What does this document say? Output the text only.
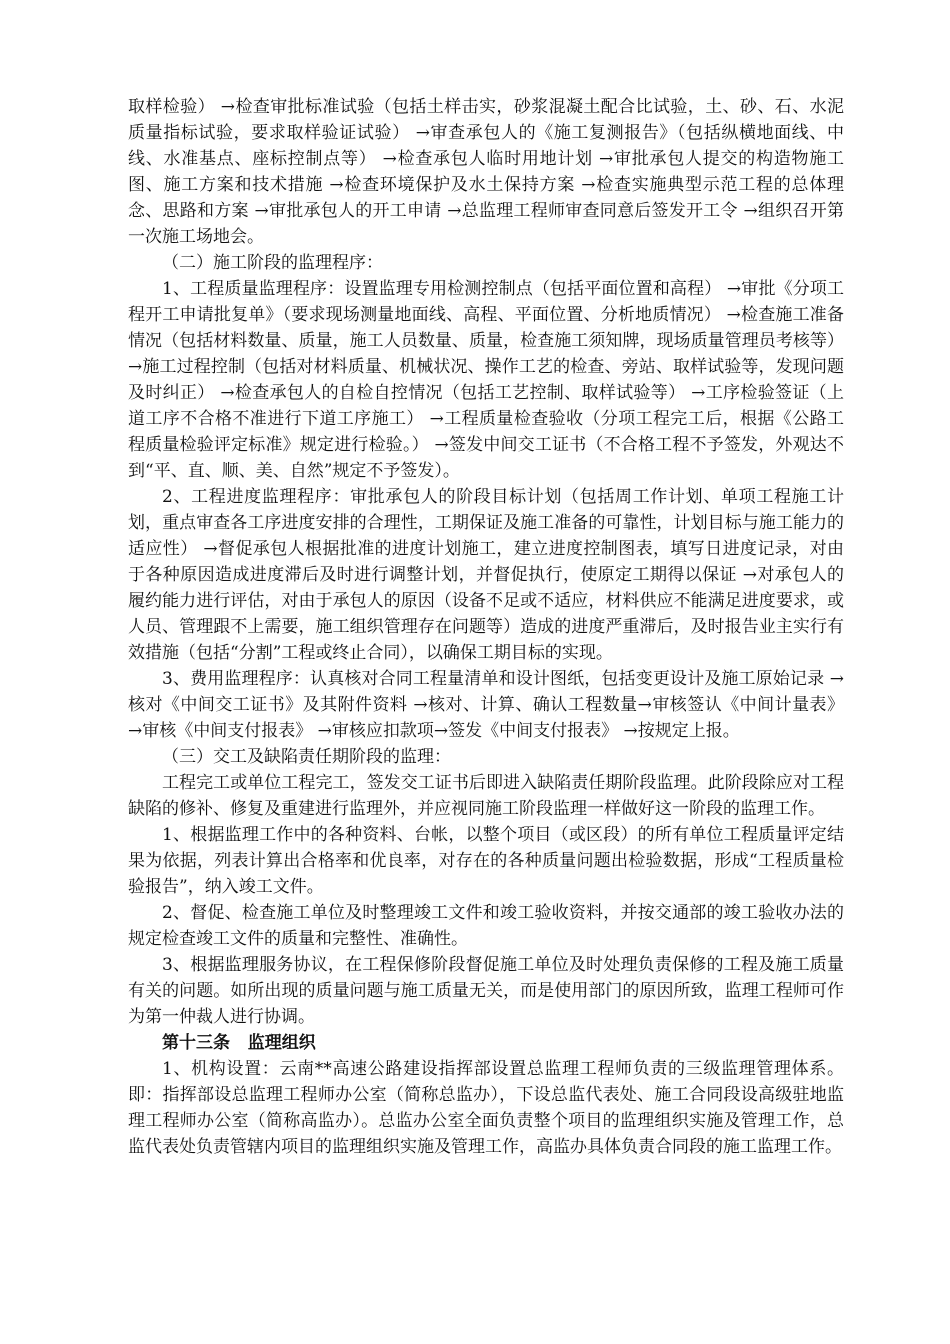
取样检验） →检查审批标准试验（包括土样击实，砂浆混凝土配合比试验，土、砂、石、水泥质量指标试验，要求取样验证试验） →审查承包人的《施工复测报告》（包括纵横地面线、中线、水准基点、座标控制点等） →检查承包人临时用地计划 →审批承包人提交的构造物施工图、施工方案和技术措施 →检查环境保护及水土保持方案 →检查实施典型示范工程的总体理念、思路和方案 →审批承包人的开工申请 →总监理工程师审查同意后签发开工令 →组织召开第一次施工场地会。

（二）施工阶段的监理程序：

1、工程质量监理程序：设置监理专用检测控制点（包括平面位置和高程） →审批《分项工程开工申请批复单》（要求现场测量地面线、高程、平面位置、分析地质情况） →检查施工准备情况（包括材料数量、质量，施工人员数量、质量，检查施工须知牌，现场质量管理员考核等） →施工过程控制（包括对材料质量、机械状况、操作工艺的检查、旁站、取样试验等，发现问题及时纠正） →检查承包人的自检自控情况（包括工艺控制、取样试验等） →工序检验签证（上道工序不合格不准进行下道工序施工） →工程质量检查验收（分项工程完工后，根据《公路工程质量检验评定标准》规定进行检验。） →签发中间交工证书（不合格工程不予签发，外观达不到“平、直、顺、美、自然”规定不予签发）。

2、工程进度监理程序：审批承包人的阶段目标计划（包括周工作计划、单项工程施工计划，重点审查各工序进度安排的合理性，工期保证及施工准备的可靠性，计划目标与施工能力的适应性） →督促承包人根据批准的进度计划施工，建立进度控制图表，填写日进度记录，对由于各种原因造成进度滞后及时进行调整计划，并督促执行，使原定工期得以保证 →对承包人的履约能力进行评估，对由于承包人的原因（设备不足或不适应，材料供应不能满足进度要求，或人员、管理跟不上需要，施工组织管理存在问题等）造成的进度严重滞后，及时报告业主实行有效措施（包括“分割”工程或终止合同），以确保工期目标的实现。

3、费用监理程序：认真核对合同工程量清单和设计图纸，包括变更设计及施工原始记录 →核对《中间交工证书》及其附件资料 →核对、计算、确认工程数量→审核签认《中间计量表》 →审核《中间支付报表》 →审核应扣款项→签发《中间支付报表》 →按规定上报。

（三）交工及缺陷责任期阶段的监理：

工程完工或单位工程完工，签发交工证书后即进入缺陷责任期阶段监理。此阶段除应对工程缺陷的修补、修复及重建进行监理外，并应视同施工阶段监理一样做好这一阶段的监理工作。

1、根据监理工作中的各种资料、台帐，以整个项目（或区段）的所有单位工程质量评定结果为依据，列表计算出合格率和优良率，对存在的各种质量问题出检验数据，形成“工程质量检验报告”，纳入竣工文件。

2、督促、检查施工单位及时整理竣工文件和竣工验收资料，并按交通部的竣工验收办法的规定检查竣工文件的质量和完整性、准确性。

3、根据监理服务协议，在工程保修阶段督促施工单位及时处理负责保修的工程及施工质量有关的问题。如所出现的质量问题与施工质量无关，而是使用部门的原因所致，监理工程师可作为第一仲裁人进行协调。

第十三条   监理组织

1、机构设置：云南**高速公路建设指挥部设置总监理工程师负责的三级监理管理体系。即：指挥部设总监理工程师办公室（简称总监办），下设总监代表处、施工合同段设高级驻地监理工程师办公室（简称高监办）。总监办公室全面负责整个项目的监理组织实施及管理工作，总监代表处负责管辖内项目的监理组织实施及管理工作，高监办具体负责合同段的施工监理工作。
